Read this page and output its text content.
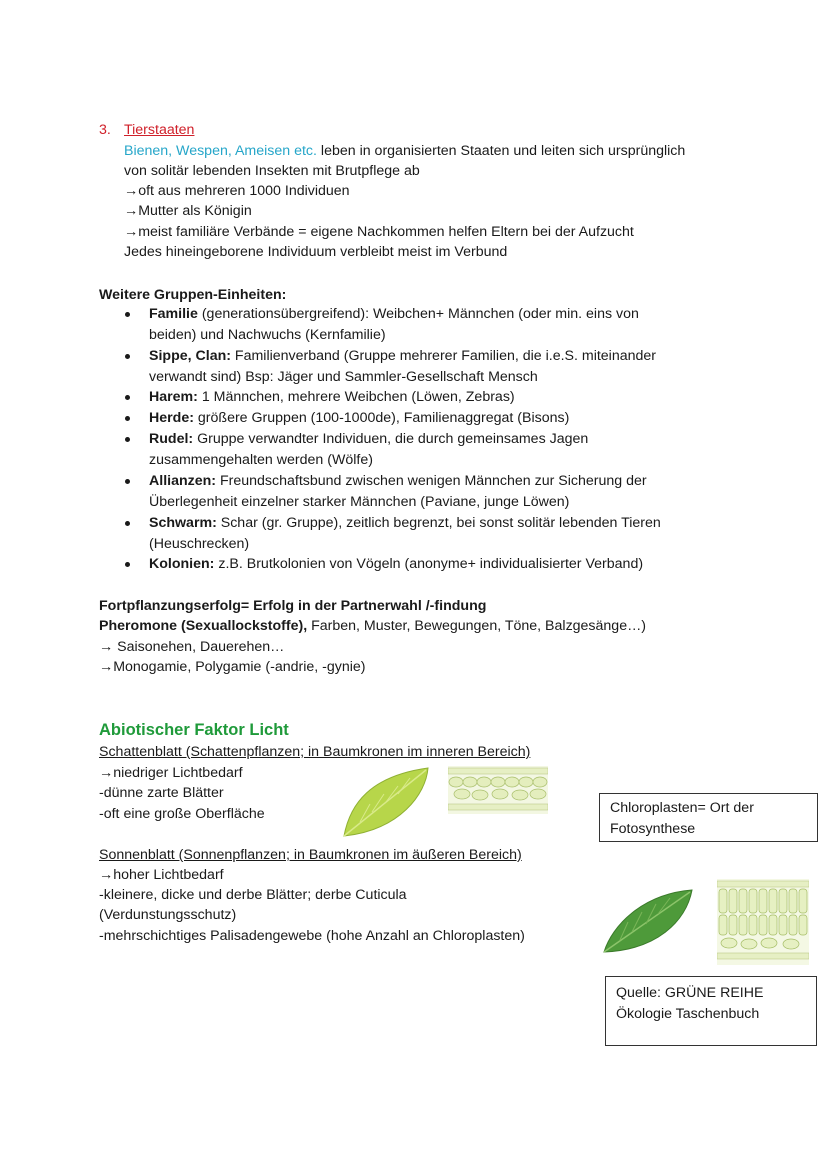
3. Tierstaaten
Bienen, Wespen, Ameisen etc. leben in organisierten Staaten und leiten sich ursprünglich
von solitär lebenden Insekten mit Brutpflege ab
→oft aus mehreren 1000 Individuen
→Mutter als Königin
→meist familiäre Verbände = eigene Nachkommen helfen Eltern bei der Aufzucht
Jedes hineingeborene Individuum verbleibt meist im Verbund
Weitere Gruppen-Einheiten:
Familie (generationsübergreifend): Weibchen+ Männchen (oder min. eins von
beiden) und Nachwuchs (Kernfamilie)
Sippe, Clan: Familienverband (Gruppe mehrerer Familien, die i.e.S. miteinander
verwandt sind) Bsp: Jäger und Sammler-Gesellschaft Mensch
Harem: 1 Männchen, mehrere Weibchen (Löwen, Zebras)
Herde: größere Gruppen (100-1000de), Familienaggregat (Bisons)
Rudel: Gruppe verwandter Individuen, die durch gemeinsames Jagen
zusammengehalten werden (Wölfe)
Allianzen: Freundschaftsbund zwischen wenigen Männchen zur Sicherung der
Überlegenheit einzelner starker Männchen (Paviane, junge Löwen)
Schwarm: Schar (gr. Gruppe), zeitlich begrenzt, bei sonst solitär lebenden Tieren
(Heuschrecken)
Kolonien: z.B. Brutkolonien von Vögeln (anonyme+ individualisierter Verband)
Fortpflanzungserfolg= Erfolg in der Partnerwahl /-findung
Pheromone (Sexuallockstoffe), Farben, Muster, Bewegungen, Töne, Balzgesänge…)
→ Saisonehen, Dauerehen…
→Monogamie, Polygamie (-andrie, -gynie)
Abiotischer Faktor Licht
Schattenblatt (Schattenpflanzen; in Baumkronen im inneren Bereich)
→niedriger Lichtbedarf
-dünne zarte Blätter
-oft eine große Oberfläche	Chloroplasten= Ort der
Fotosynthese
Sonnenblatt (Sonnenpflanzen; in Baumkronen im äußeren Bereich)
→hoher Lichtbedarf
-kleinere, dicke und derbe Blätter; derbe Cuticula
(Verdunstungsschutz)
-mehrschichtiges Palisadengewebe (hohe Anzahl an Chloroplasten)
Quelle: GRÜNE REIHE
Ökologie Taschenbuch
